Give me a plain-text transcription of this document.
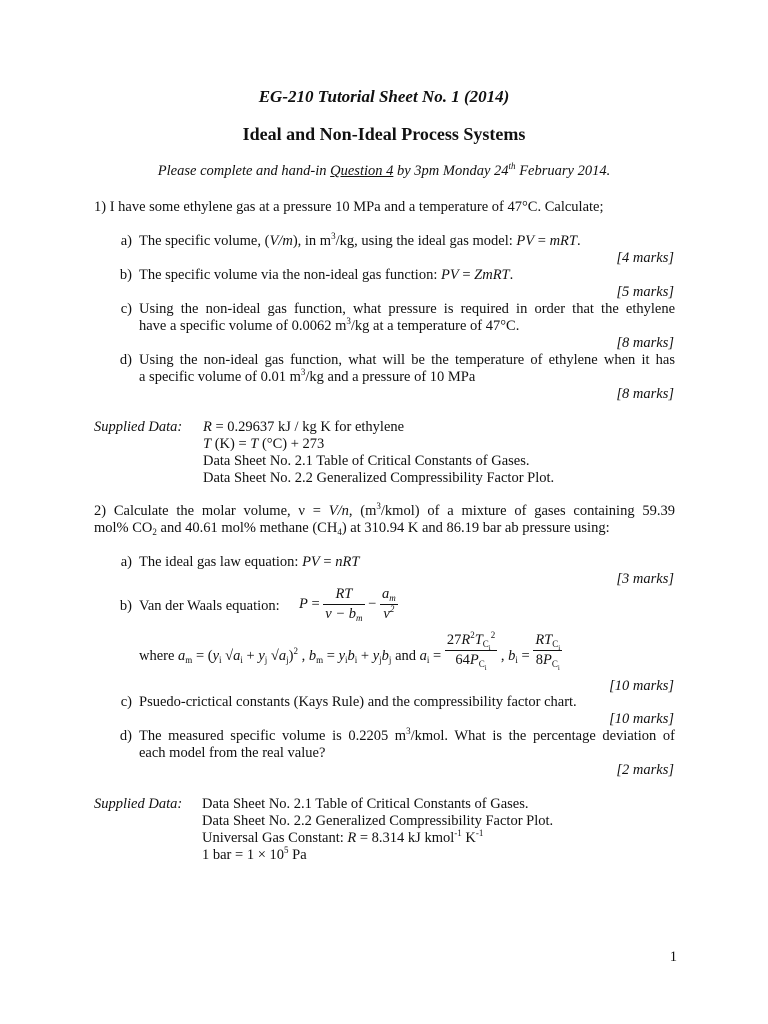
EG-210 Tutorial Sheet No. 1 (2014)
Ideal and Non-Ideal Process Systems
Please complete and hand-in Question 4 by 3pm Monday 24th February 2014.
1) I have some ethylene gas at a pressure 10 MPa and a temperature of 47°C. Calculate;
a) The specific volume, (V/m), in $m^3/kg$, using the ideal gas model: PV = mRT.
[4 marks]
b) The specific volume via the non-ideal gas function: PV = ZmRT.
[5 marks]
c) Using the non-ideal gas function, what pressure is required in order that the ethylene
have a specific volume of 0.0062 $m^3/kg$ at a temperature of 47°C.
[8 marks]
d) Using the non-ideal gas function, what will be the temperature of ethylene when it has
a specific volume of 0.01 $m^3/kg$ and a pressure of 10 MPa
[8 marks]
Supplied Data: R = 0.29637 kJ / kg K for ethylene
T (K) = T (°C) + 273
Data Sheet No. 2.1 Table of Critical Constants of Gases.
Data Sheet No. 2.2 Generalized Compressibility Factor Plot.
2) Calculate the molar volume, ν = V/n, $(m^3/kmol)$ of a mixture of gases containing 59.39
mol% $CO_2$ and 40.61 mol% methane $(CH_4)$ at 310.94 K and 86.19 bar ab pressure using:
a) The ideal gas law equation: PV = nRT
[3 marks]
b) Van der Waals equation: $P = \frac{RT}{\nu - b_m} - \frac{a_m}{\nu^2}$
where $a_m = (y_i$ $√a_i + y_j$ $√a_j)^2$ , $b_m = y_ib_i + y_jb_j$ and $a_i = \frac{27R^2T_{C_i}^2}{64P_{C_i}}$ , $b_i = \frac{RT_{C_i}}{8P_{C_i}}$
[10 marks]
c) Psuedo-crictical constants (Kays Rule) and the compressibility factor chart.
[10 marks]
d) The measured specific volume is 0.2205 $m^3$/kmol. What is the percentage deviation of
each model from the real value?
[2 marks]
Supplied Data: Data Sheet No. 2.1 Table of Critical Constants of Gases.
Data Sheet No. 2.2 Generalized Compressibility Factor Plot.
Universal Gas Constant: R = 8.314 kJ kmol$^{-1}$ $K^{-1}$
1 bar = $1 \times 10^5$ Pa
1
